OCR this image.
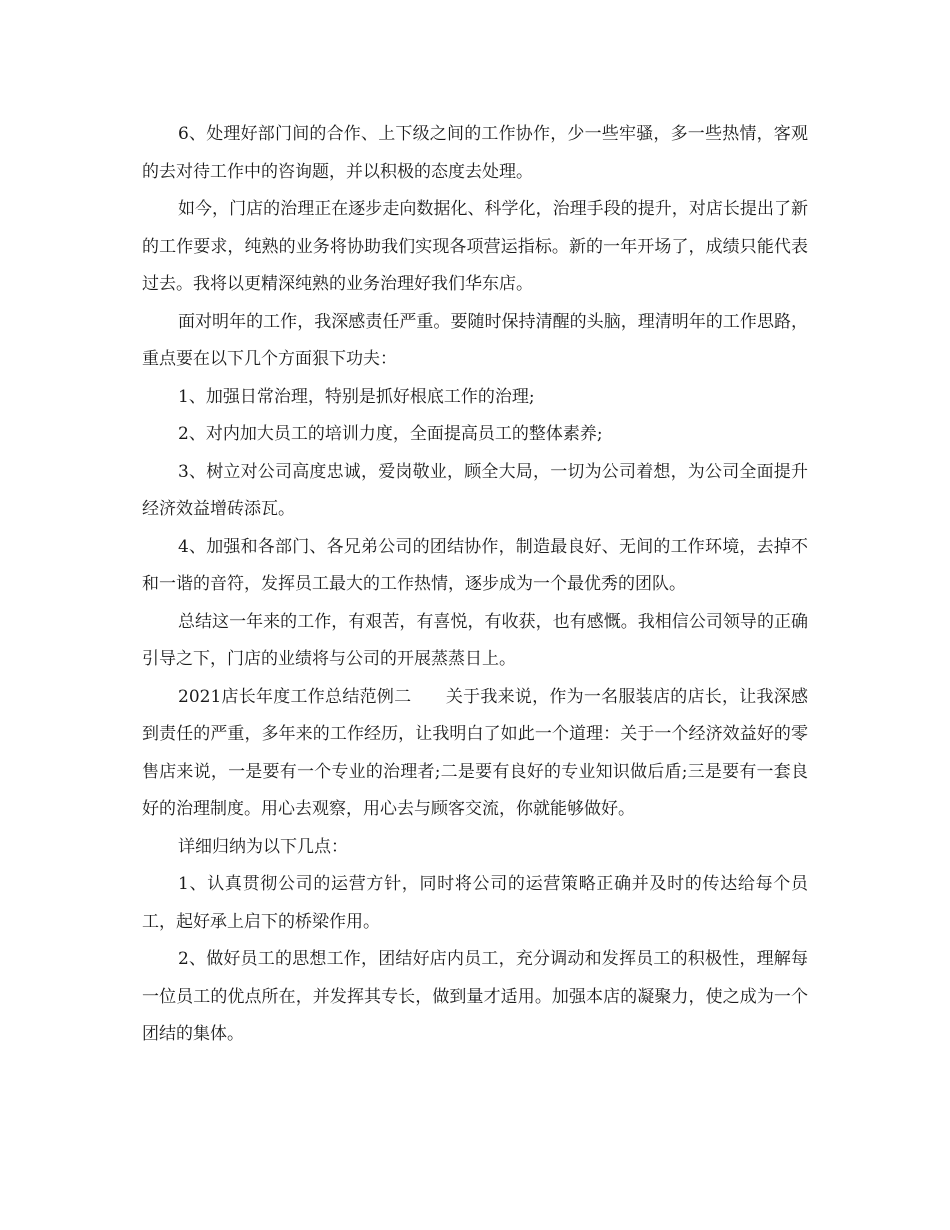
6、处理好部门间的合作、上下级之间的工作协作，少一些牢骚，多一些热情，客观的去对待工作中的咨询题，并以积极的态度去处理。

如今，门店的治理正在逐步走向数据化、科学化，治理手段的提升，对店长提出了新的工作要求，纯熟的业务将协助我们实现各项营运指标。新的一年开场了，成绩只能代表过去。我将以更精深纯熟的业务治理好我们华东店。

面对明年的工作，我深感责任严重。要随时保持清醒的头脑，理清明年的工作思路，重点要在以下几个方面狠下功夫：

1、加强日常治理，特别是抓好根底工作的治理;

2、对内加大员工的培训力度，全面提高员工的整体素养;

3、树立对公司高度忠诚，爱岗敬业，顾全大局，一切为公司着想，为公司全面提升经济效益增砖添瓦。

4、加强和各部门、各兄弟公司的团结协作，制造最良好、无间的工作环境，去掉不和一谐的音符，发挥员工最大的工作热情，逐步成为一个最优秀的团队。

总结这一年来的工作，有艰苦，有喜悦，有收获，也有感慨。我相信公司领导的正确引导之下，门店的业绩将与公司的开展蒸蒸日上。

2021店长年度工作总结范例二　　关于我来说，作为一名服装店的店长，让我深感到责任的严重，多年来的工作经历，让我明白了如此一个道理：关于一个经济效益好的零售店来说，一是要有一个专业的治理者;二是要有良好的专业知识做后盾;三是要有一套良好的治理制度。用心去观察，用心去与顾客交流，你就能够做好。

详细归纳为以下几点：

1、认真贯彻公司的运营方针，同时将公司的运营策略正确并及时的传达给每个员工，起好承上启下的桥梁作用。

2、做好员工的思想工作，团结好店内员工，充分调动和发挥员工的积极性，理解每一位员工的优点所在，并发挥其专长，做到量才适用。加强本店的凝聚力，使之成为一个团结的集体。
